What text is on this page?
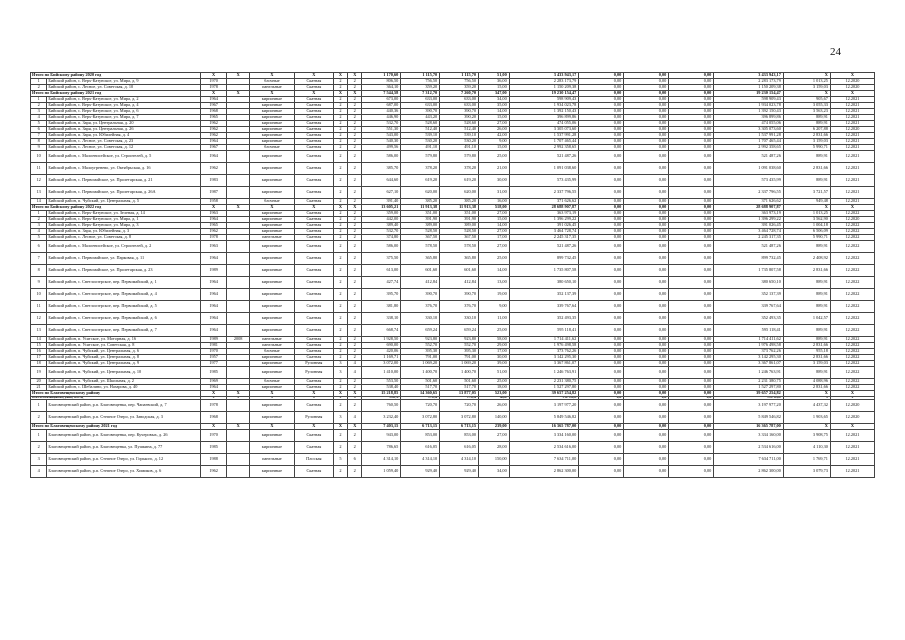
24
Итого по Бийскому району 2020 год		X	X	X	X	X	X	1 170,60	1 115,70	1 115,70	51,00	3 433 943,17	0,00	0,00	0,00	3 433 943,17	X	X
1	Бийский район, с. Верх-Катунское, ул. Мира, д. 9	1970		блочные	Скатная	2	2	806,50	756,50	756,50	36,00	2 283 173,79	0,00	0,00	0,00	2 283 173,79	1 013,25	12.2020
2	Бийский район, с. Лесное, ул. Советская, д. 10	1978		панельные	Скатная	2	2	364,10	359,20	359,20	15,00	1 150 209,38	0,00	0,00	0,00	1 150 209,38	3 159,03	12.2020
Итого по Бийскому району 2021 год		X	X	X	X	X	X	7 544,58	7 312,70	7 260,70	347,00	19 230 154,47	0,00	0,00	0,00	19 230 154,47	X	X
1	Бийский район, с. Верх-Катунское, ул. Мира, д. 2	1964		кирпичные	Скатная	2	2	673,00	633,00	633,00	34,00	598 909,43	0,00	0,00	0,00	598 909,43	905,67	12.2021
2	Бийский район, с. Верх-Катунское, ул. Мира, д. 4	1967		кирпичные	Скатная	2	2	687,00	633,00	633,00	35,00	1 934 023,78	0,00	0,00	0,00	1 934 023,78	3 055,33	12.2021
3	Бийский район, с. Верх-Катунское, ул. Мира, д. 6	1968		кирпичные	Скатная	2	2	440,36	390,70	390,70	14,00	1 392 150,43	0,00	0,00	0,00	1 392 150,43	3 563,23	12.2021
4	Бийский район, с. Верх-Катунское, ул. Мира, д. 7	1965		кирпичные	Скатная	2	2	446,90	443,20	390,20	15,00	396 899,86	0,00	0,00	0,00	396 899,86	889,91	12.2021
5	Бийский район, п. Заря, ул. Центральная, д. 20	1962		кирпичные	Скатная	2	2	532,70	528,60	528,60	27,00	474 055,06	0,00	0,00	0,00	474 055,06	889,91	12.2021
6	Бийский район, п. Заря, ул. Центральная, д. 26	1962		кирпичные	Скатная	2	2	551,30	512,40	512,40	26,00	3 305 073,60	0,00	0,00	0,00	3 305 073,60	6 207,88	12.2020
7	Бийский район, п. Заря, ул. Юбилейная, д. 4	1962		кирпичные	Скатная	2	2	543,00	539,10	539,10	42,00	1 537 991,28	0,00	0,00	0,00	1 537 991,28	2 831,66	12.2021
8	Бийский район, с. Лесное, ул. Советская, д. 23	1964		кирпичные	Скатная	2	2	540,30	530,20	530,20	9,00	1 707 465,44	0,00	0,00	0,00	1 707 465,44	3 159,03	12.2021
9	Бийский район, с. Лесное, ул. Советская, д. 12	1967		блочные	Скатная	2	2	499,56	491,10	491,10	15,00	2 992 358,65	0,00	0,00	0,00	2 992 358,65	5 990,71	12.2021
10	Бийский район, с. Малоенисейское, ул. Строителей, д. 5	1964		кирпичные	Скатная	2	2	586,00	579,80	579,80	25,00	521 487,26	0,00	0,00	0,00	521 487,26	889,91	12.2021
11	Бийский район, с. Малоугренево, ул. Октябрьская, д. 16	1962		кирпичные	Скатная	2	2	385,70	378,20	378,20	21,00	1 091 038,60	0,00	0,00	0,00	1 091 038,60	2 831,66	12.2021
12	Бийский район, с. Первомайское, ул. Пролетарская, д. 21	1983		кирпичные	Скатная	2	2	644,60	619,20	619,20	30,00	573 435,99	0,00	0,00	0,00	573 435,99	889,91	12.2021
13	Бийский район, с. Первомайское, ул. Пролетарская, д. 26А	1987		кирпичные	Скатная	2	2	627,10	620,00	620,00	31,00	2 337 796,55	0,00	0,00	0,00	2 337 796,55	3 721,57	12.2021
14	Бийский район, п. Чуйский, ул. Центральная, д. 5	1958		блочные	Скатная	2	2	391,40	385,20	385,20	16,00	371 626,62	0,00	0,00	0,00	371 626,62	949,48	12.2021
Итого по Бийскому району 2022 год		X	X	X	X	X	X	13 605,21	11 913,38	11 913,38	518,00	28 688 907,87	0,00	0,00	0,00	28 688 907,87	X	X
1	Бийский район, с. Верх-Катунское, ул. Зеленая, д. 14	1963		кирпичные	Скатная	2	2	359,00	351,00	351,00	27,00	363 973,19	0,00	0,00	0,00	363 973,19	1 013,25	12.2022
2	Бийский район, с. Верх-Катунское, ул. Мира, д. 1	1964		кирпичные	Скатная	2	2	442,00	391,90	391,90	15,00	1 396 299,22	0,00	0,00	0,00	1 396 299,22	3 562,90	12.2020
3	Бийский район, с. Верх-Катунское, ул. Мира, д. 3	1965		кирпичные	Скатная	2	2	389,40	389,00	389,00	14,00	391 026,45	0,00	0,00	0,00	391 026,45	1 004,18	12.2022
4	Бийский район, п. Заря, ул. Юбилейная, д. 3	1962		кирпичные	Скатная	2	2	532,70	528,50	528,50	27,00	3 464 728,74	0,00	0,00	0,00	3 464 728,74	6 506,09	12.2022
5	Бийский район, с. Лесное, ул. Советская, д. 8	1978		панельные	Скатная	2	2	374,80	367,50	367,50	17,00	2 245 317,35	0,00	0,00	0,00	2 245 317,35	5 990,71	12.2022
6	Бийский район, с. Малоенисейское, ул. Строителей, д. 2	1963		кирпичные	Скатная	2	2	586,00	578,50	578,50	27,00	521 487,26	0,00	0,00	0,00	521 487,26	889,91	12.2022
7	Бийский район, с. Первомайское, ул. Парковая, д. 11	1964		кирпичные	Скатная	2	2	375,50	365,80	365,80	25,00	899 732,45	0,00	0,00	0,00	899 732,45	2 408,92	12.2022
8	Бийский район, с. Первомайское, ул. Пролетарская, д. 23	1989		кирпичные	Скатная	2	2	613,00	601,60	601,60	14,00	1 735 807,58	0,00	0,00	0,00	1 735 807,58	2 831,66	12.2022
9	Бийский район, с. Светлоозерское, пер. Первомайский, д. 1	1964		кирпичные	Скатная	2	2	427,74	412,84	412,84	13,00	380 650,10	0,00	0,00	0,00	380 650,10	889,91	12.2022
10	Бийский район, с. Светлоозерское, пер. Первомайский, д. 4	1964		кирпичные	Скатная	2	2	395,70	390,70	390,70	19,00	352 137,39	0,00	0,00	0,00	352 137,39	889,91	12.2022
11	Бийский район, с. Светлоозерское, пер. Первомайский, д. 5	1964		кирпичные	Скатная	2	2	381,80	376,70	376,70	9,00	339 767,64	0,00	0,00	0,00	339 767,64	889,91	12.2022
12	Бийский район, с. Светлоозерское, пер. Первомайский, д. 6	1964		кирпичные	Скатная	2	2	338,10	330,10	330,10	11,00	352 493,35	0,00	0,00	0,00	352 493,35	1 042,57	12.2022
13	Бийский район, с. Светлоозерское, пер. Первомайский, д. 7	1964		кирпичные	Скатная	2	2	668,74	659,24	659,24	25,00	595 118,41	0,00	0,00	0,00	595 118,41	889,91	12.2022
14	Бийский район, п. Усятское, ул. Моторная, д. 16	1989	2008	панельные	Скатная	2	2	1 928,50	923,80	923,80	58,00	1 714 411,62	0,00	0,00	0,00	1 714 411,62	889,91	12.2022
15	Бийский район, п. Усятское, ул. Советская, д. 8	1981		панельные	Скатная	2	2	690,00	552,70	552,70	29,00	1 976 498,58	0,00	0,00	0,00	1 976 498,58	2 831,66	12.2022
16	Бийский район, п. Чуйский, ул. Центральная, д. 6	1970		блочные	Скатная	2	2	420,06	395,30	395,30	17,00	373 762,26	0,00	0,00	0,00	373 762,26	955,18	12.2022
17	Бийский район, п. Чуйский, ул. Центральная, д. 8	1957		кирпичные	Скатная	2	2	1 169,71	791,00	791,00	30,00	3 142 295,30	0,00	0,00	0,00	3 142 295,30	2 831,66	12.2022
18	Бийский район, п. Чуйский, ул. Центральная, д. 9	1977		кирпичные	Рулонная	3	4	3 072,00	1 069,20	1 069,20	39,00	3 367 861,07	0,00	0,00	0,00	3 367 861,07	3 159,03	12.2022
19	Бийский район, п. Чуйский, ул. Центральная, д. 10	1985		кирпичные	Рулонная	3	4	1 410,00	1 400,70	1 400,70	51,00	1 246 763,91	0,00	0,00	0,00	1 246 763,91	889,91	12.2022
20	Бийский район, п. Чуйский, ул. Школьная, д. 2	1969		блочные	Скатная	2	2	553,50	501,60	501,60	25,00	2 231 380,75	0,00	0,00	0,00	2 231 380,75	4 088,96	12.2022
21	Бийский район, с. Шебалино, ул. Назарова, д. 40	1964		кирпичные	Скатная	2	2	538,40	517,70	517,70	18,00	1 527 297,80	0,00	0,00	0,00	1 527 297,80	2 831,66	12.2022
Итого по Благовещенскому району		X	X	X	X	X	X	15 218,85	14 360,65	13 877,05	523,00	39 657 254,82	0,00	0,00	0,00	39 657 254,82	X	X
Итого по Благовещенскому району 2020 год		X	X	X	X	X	X	4 442,76	3 735,96	3 735,96	166,00	9 947 224,02	0,00	0,00	0,00	9 947 224,02	X	X
1	Благовещенский район, р.п. Благовещенка, пер. Чапаевский, д. 7	1978		кирпичные	Скатная	2	2	760,50	720,70	720,70	26,00	3 197 977,20	0,00	0,00	0,00	3 197 977,20	4 437,32	12.2020
2	Благовещенский район, р.п. Степное Озеро, ул. Заводская, д. 3	1968		кирпичные	Рулонная	3	4	3 232,40	3 072,80	3 072,80	140,00	5 849 546,82	0,00	0,00	0,00	5 849 546,82	1 903,65	12.2020
Итого по Благовещенскому району 2021 год		X	X	X	X	X	X	7 403,15	6 713,15	6 713,15	239,00	16 365 787,00	0,00	0,00	0,00	16 365 787,00	X	X
1	Благовещенский район, р.п. Благовещенка, пер. Кучеровых, д. 26	1970		кирпичные	Скатная	2	2	943,00	853,00	853,00	27,00	3 334 160,00	0,00	0,00	0,00	3 334 160,00	3 908,75	12.2021
2	Благовещенский район, р.п. Благовещенка, ул. Пушкина, д. 77	1985		кирпичные	Скатная	2	2	786,65	616,05	616,05	28,00	2 534 616,00	0,00	0,00	0,00	2 534 616,00	4 110,30	12.2021
3	Благовещенский район, р.п. Степное Озеро, ул. Горького, д. 12	1988		панельные	Плоская	5	6	4 314,10	4 314,10	4 314,10	150,00	7 634 711,00	0,00	0,00	0,00	7 634 711,00	1 769,71	12.2021
4	Благовещенский район, р.п. Степное Озеро, ул. Химиков, д. 6	1962		кирпичные	Скатная	2	2	1 059,40	929,40	929,40	34,00	2 862 300,00	0,00	0,00	0,00	2 862 300,00	3 079,73	12.2021
